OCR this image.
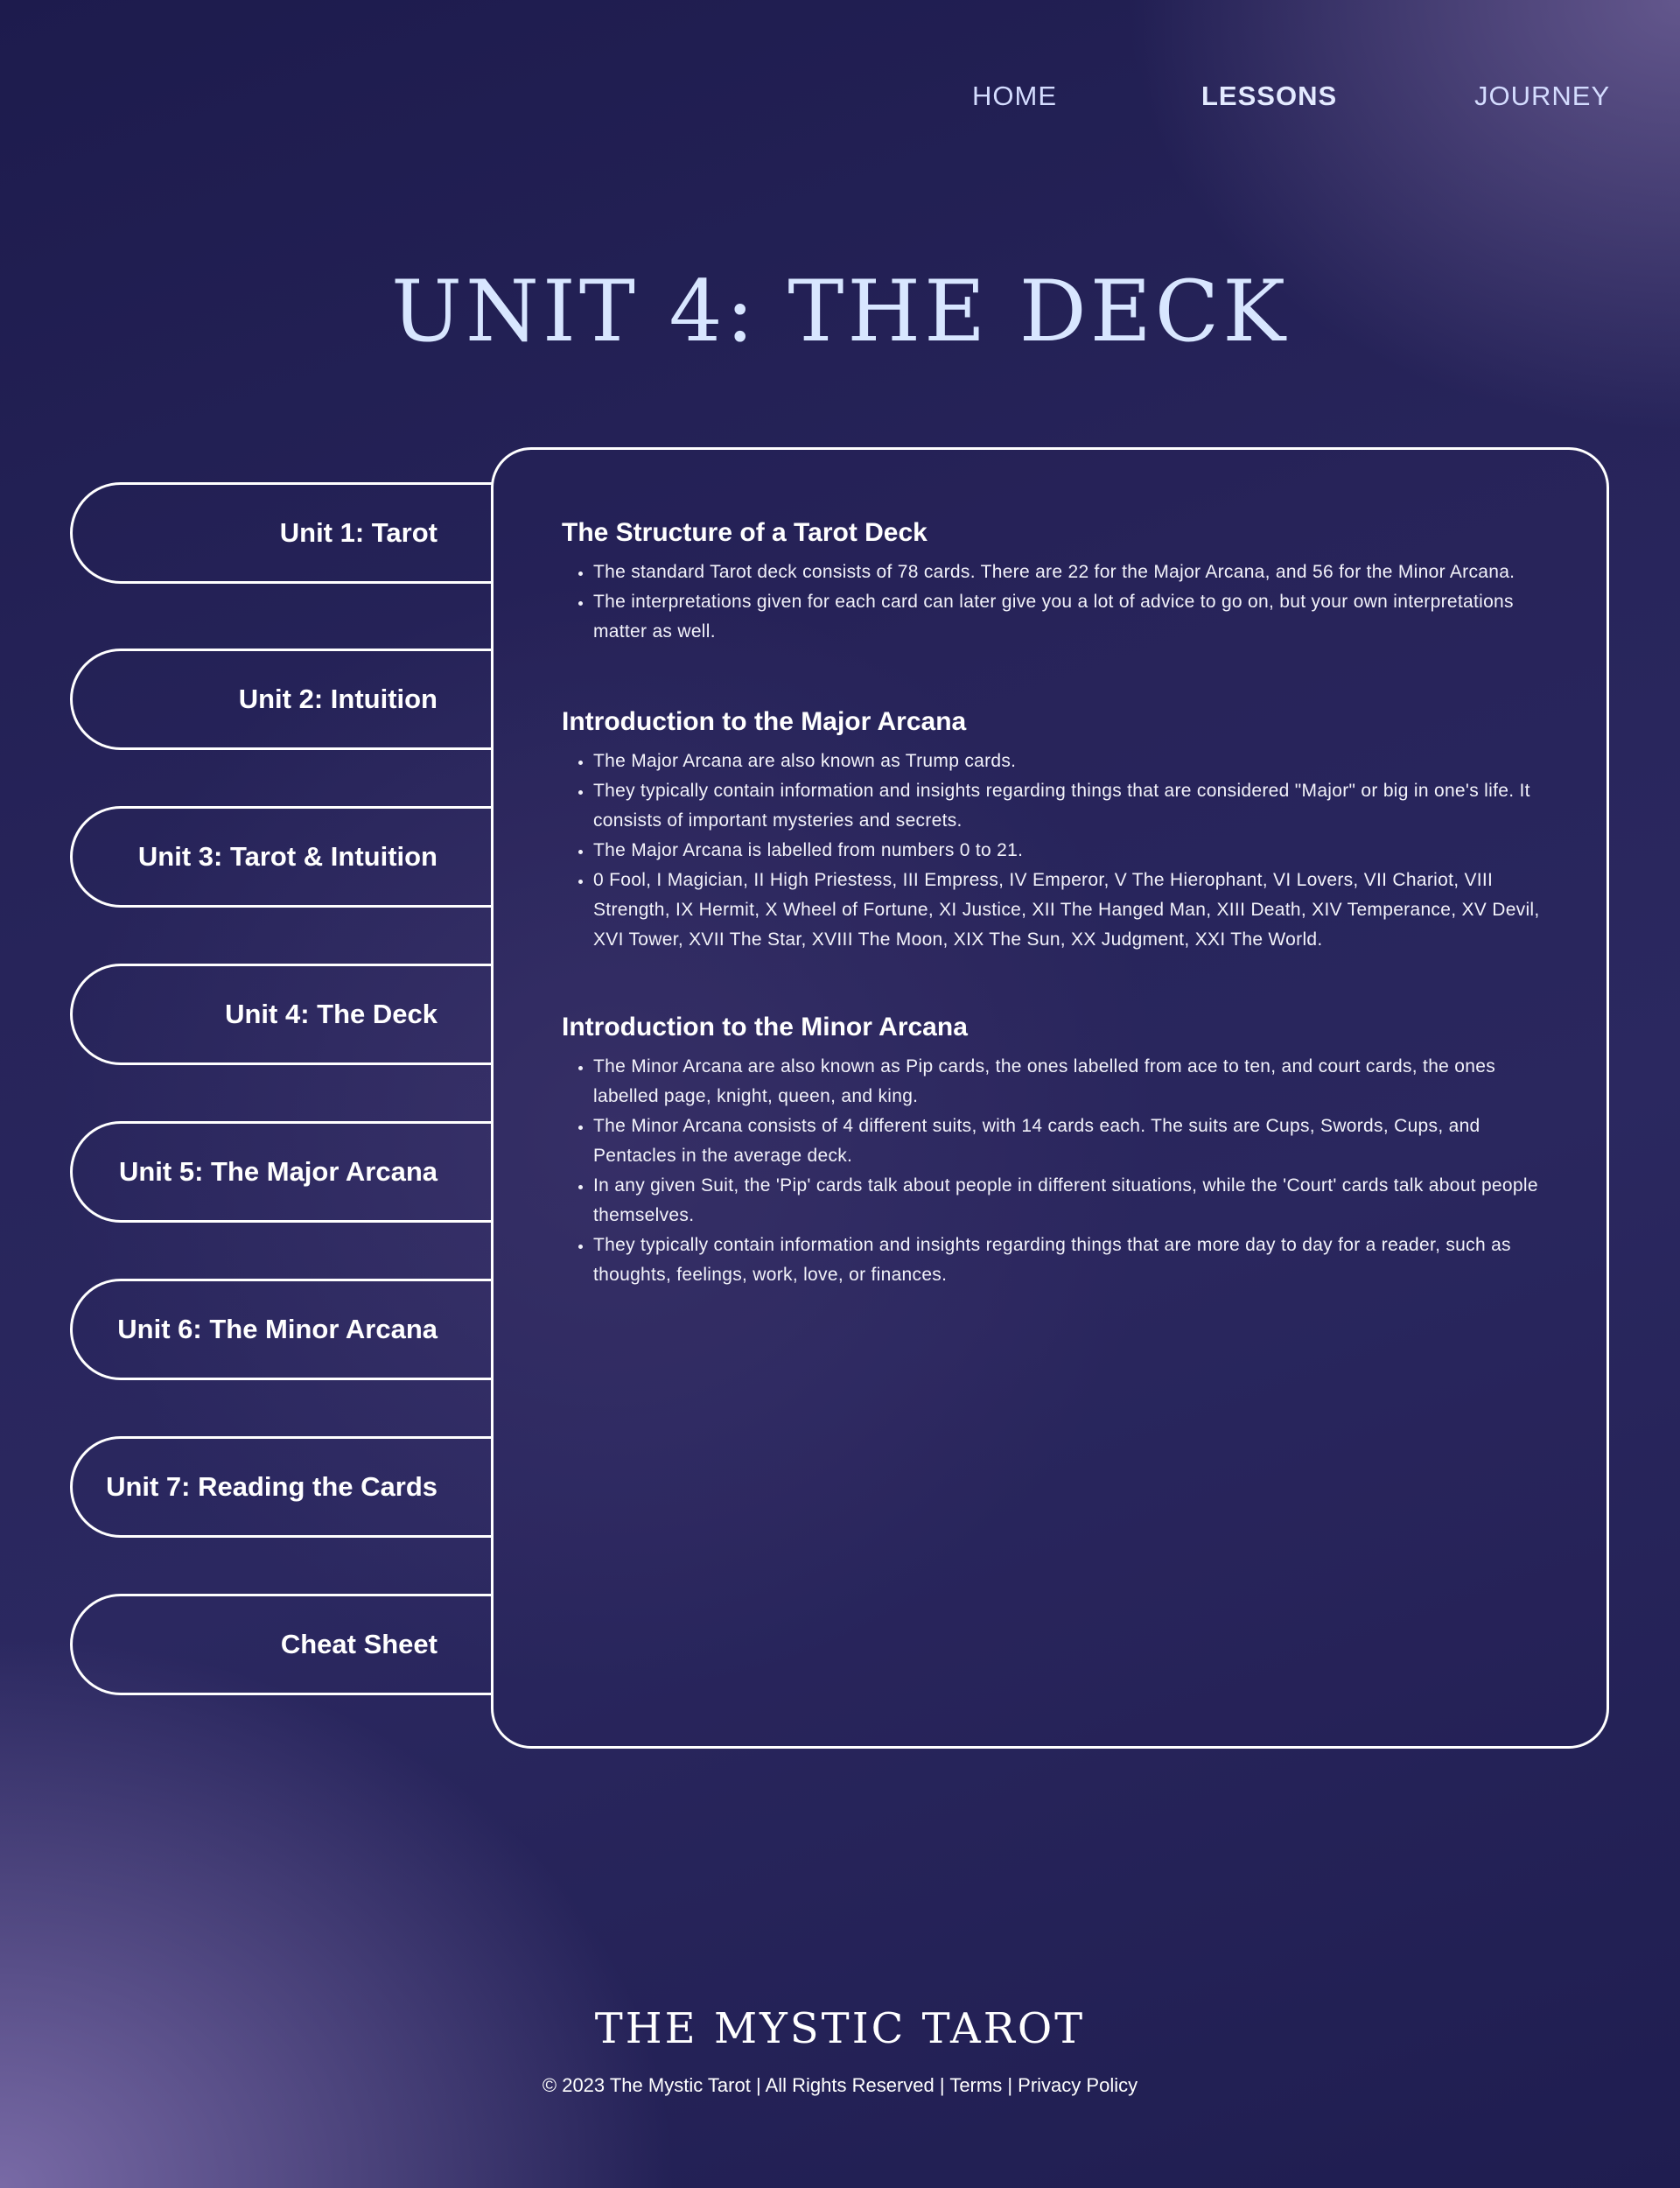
HOME	LESSONS	JOURNEY
UNIT 4: THE DECK
Unit 1: Tarot
Unit 2: Intuition
Unit 3: Tarot & Intuition
Unit 4: The Deck
Unit 5: The Major Arcana
Unit 6: The Minor Arcana
Unit 7: Reading the Cards
Cheat Sheet
The Structure of a Tarot Deck
• The standard Tarot deck consists of 78 cards. There are 22 for the Major Arcana, and 56 for the Minor Arcana.
• The interpretations given for each card can later give you a lot of advice to go on, but your own interpretations matter as well.
Introduction to the Major Arcana
• The Major Arcana are also known as Trump cards.
• They typically contain information and insights regarding things that are considered "Major" or big in one's life. It consists of important mysteries and secrets.
• The Major Arcana is labelled from numbers 0 to 21.
• 0 Fool, I Magician, II High Priestess, III Empress, IV Emperor, V The Hierophant, VI Lovers, VII Chariot, VIII Strength, IX Hermit, X Wheel of Fortune, XI Justice, XII The Hanged Man, XIII Death, XIV Temperance, XV Devil, XVI Tower, XVII The Star, XVIII The Moon, XIX The Sun, XX Judgment, XXI The World.
Introduction to the Minor Arcana
• The Minor Arcana are also known as Pip cards, the ones labelled from ace to ten, and court cards, the ones labelled page, knight, queen, and king.
• The Minor Arcana consists of 4 different suits, with 14 cards each. The suits are Cups, Swords, Cups, and Pentacles in the average deck.
• In any given Suit, the 'Pip' cards talk about people in different situations, while the 'Court' cards talk about people themselves.
• They typically contain information and insights regarding things that are more day to day for a reader, such as thoughts, feelings, work, love, or finances.
THE MYSTIC TAROT
© 2023 The Mystic Tarot | All Rights Reserved | Terms | Privacy Policy
